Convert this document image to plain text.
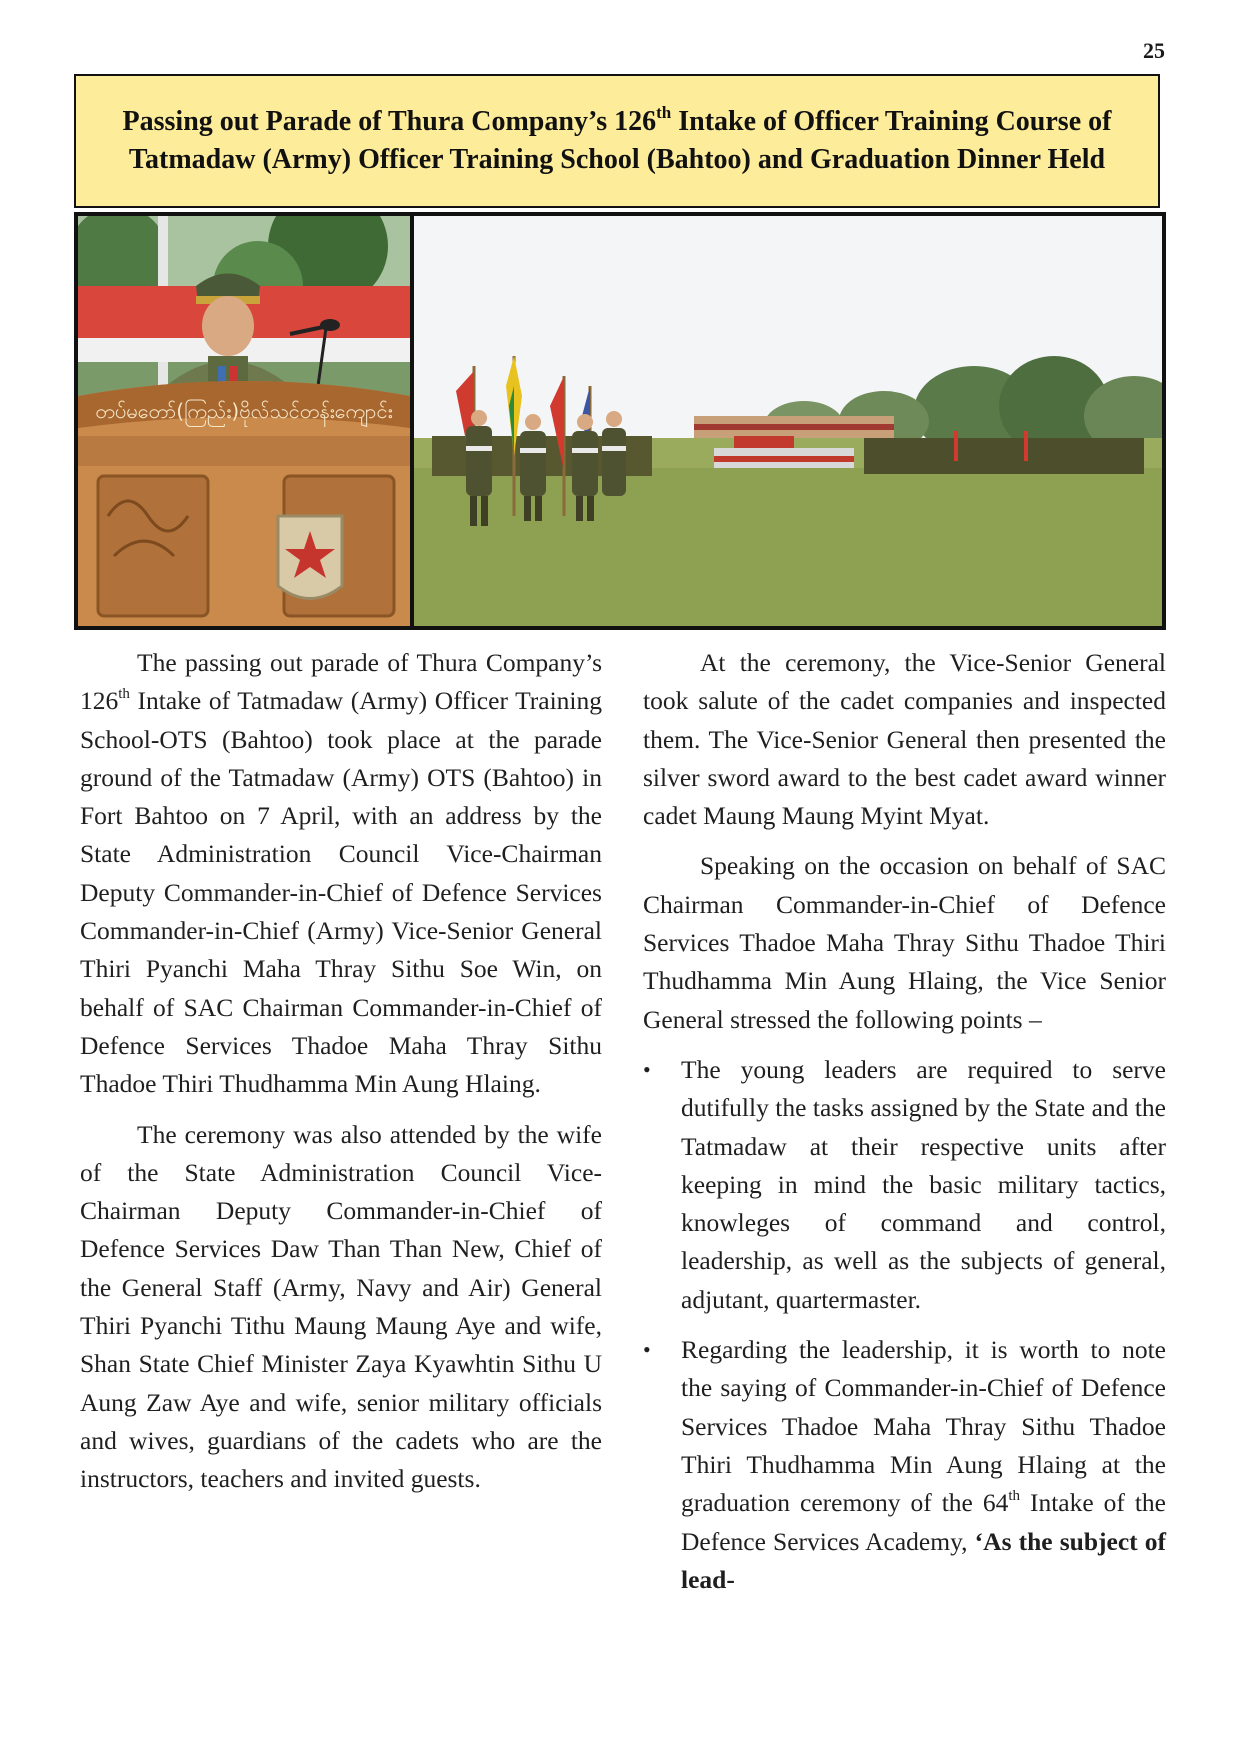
25
Passing out Parade of Thura Company’s 126th Intake of Officer Training Course of Tatmadaw (Army) Officer Training School (Bahtoo) and Graduation Dinner Held
တပ်မတော်(ကြည်း)ဗိုလ်သင်တန်းကျောင်း

The passing out parade of Thura Company’s 126th Intake of Tatmadaw (Army) Officer Training School-OTS (Bahtoo) took place at the parade ground of the Tatmadaw (Army) OTS (Bahtoo) in Fort Bahtoo on 7 April, with an address by the State Administration Council Vice-Chairman Deputy Commander-in-Chief of Defence Services Commander-in-Chief (Army) Vice-Senior General Thiri Pyanchi Maha Thray Sithu Soe Win, on behalf of SAC Chairman Commander-in-Chief of Defence Services Thadoe Maha Thray Sithu Thadoe Thiri Thudhamma Min Aung Hlaing.

The ceremony was also attended by the wife of the State Administration Council Vice-Chairman Deputy Commander-in-Chief of Defence Services Daw Than Than New, Chief of the General Staff (Army, Navy and Air) General Thiri Pyanchi Tithu Maung Maung Aye and wife, Shan State Chief Minister Zaya Kyawhtin Sithu U Aung Zaw Aye and wife, senior military officials and wives, guardians of the cadets who are the instructors, teachers and invited guests.

At the ceremony, the Vice-Senior General took salute of the cadet companies and inspected them. The Vice-Senior General then presented the silver sword award to the best cadet award winner cadet Maung Maung Myint Myat.

Speaking on the occasion on behalf of SAC Chairman Commander-in-Chief of Defence Services Thadoe Maha Thray Sithu Thadoe Thiri Thudhamma Min Aung Hlaing, the Vice Senior General stressed the following points –

• The young leaders are required to serve dutifully the tasks assigned by the State and the Tatmadaw at their respective units after keeping in mind the basic military tactics, knowleges of command and control, leadership, as well as the subjects of general, adjutant, quartermaster.
• Regarding the leadership, it is worth to note the saying of Commander-in-Chief of Defence Services Thadoe Maha Thray Sithu Thadoe Thiri Thudhamma Min Aung Hlaing at the graduation ceremony of the 64th Intake of the Defence Services Academy, ‘As the subject of lead-
